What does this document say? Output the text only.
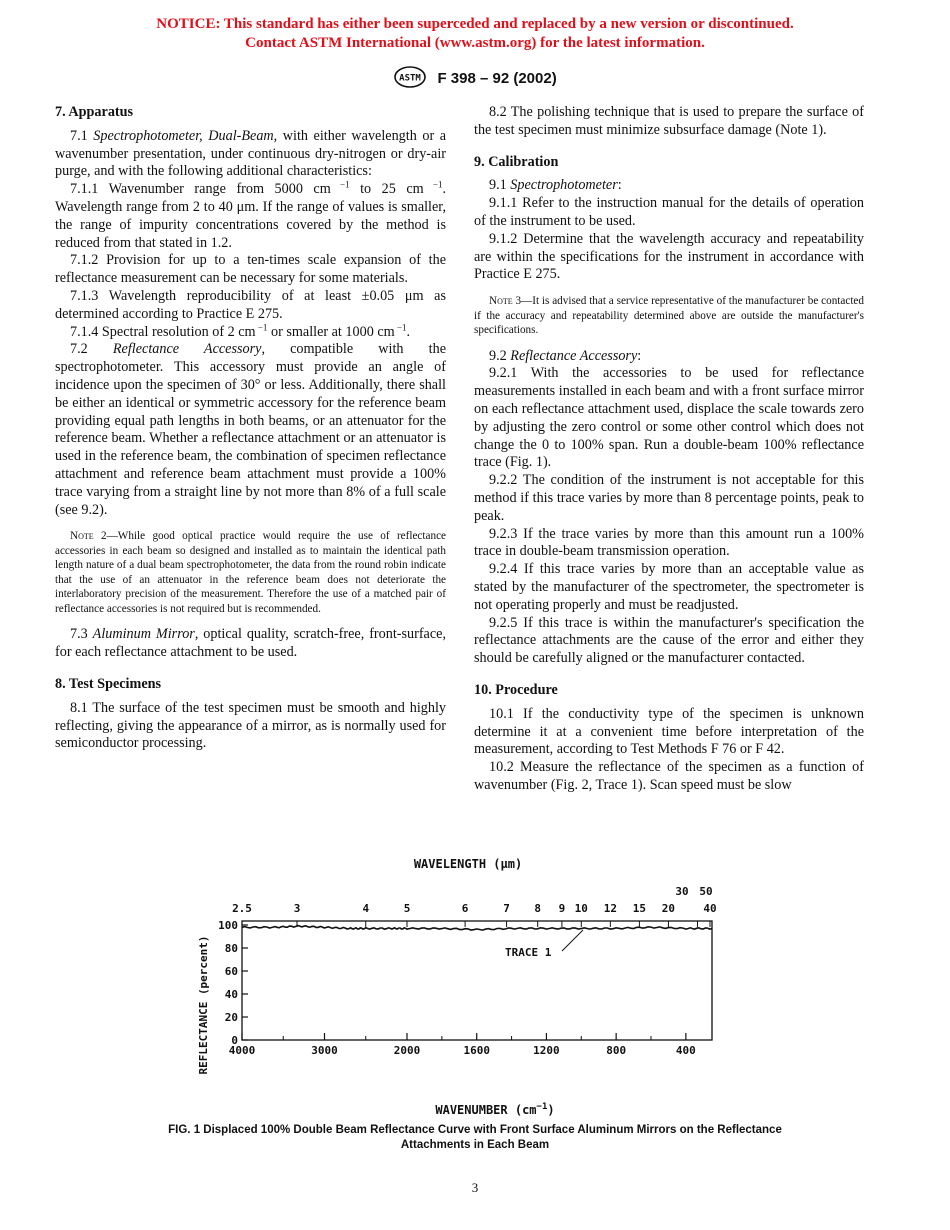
NOTICE: This standard has either been superceded and replaced by a new version or discontinued.
Contact ASTM International (www.astm.org) for the latest information.
ASTM F 398 – 92 (2002)
7. Apparatus

7.1 Spectrophotometer, Dual-Beam, with either wavelength or a wavenumber presentation, under continuous dry-nitrogen or dry-air purge, and with the following additional characteristics:

7.1.1 Wavenumber range from 5000 cm $^{-1}$ to 25 cm $^{-1}$. Wavelength range from 2 to 40 μm. If the range of values is smaller, the range of impurity concentrations covered by the method is reduced from that stated in 1.2.

7.1.2 Provision for up to a ten-times scale expansion of the reflectance measurement can be necessary for some materials.

7.1.3 Wavelength reproducibility of at least ±0.05 μm as determined according to Practice E 275.

7.1.4 Spectral resolution of 2 cm $^{-1}$ or smaller at 1000 cm $^{-1}$.

7.2 Reflectance Accessory, compatible with the spectrophotometer. This accessory must provide an angle of incidence upon the specimen of 30° or less. Additionally, there shall be either an identical or symmetric accessory for the reference beam providing equal path lengths in both beams, or an attenuator for the reference beam. Whether a reflectance attachment or an attenuator is used in the reference beam, the combination of specimen reflectance attachment and reference beam attachment must provide a 100% trace varying from a straight line by not more than 8% of a full scale (see 9.2).

Note 2—While good optical practice would require the use of reflectance accessories in each beam so designed and installed as to maintain the identical path length nature of a dual beam spectrophotometer, the data from the round robin indicate that the use of an attenuator in the reference beam does not deteriorate the interlaboratory precision of the measurement. Therefore the use of a matched pair of reflectance accessories is not required but is recommended.

7.3 Aluminum Mirror, optical quality, scratch-free, front-surface, for each reflectance attachment to be used.

8. Test Specimens

8.1 The surface of the test specimen must be smooth and highly reflecting, giving the appearance of a mirror, as is normally used for semiconductor processing.

8.2 The polishing technique that is used to prepare the surface of the test specimen must minimize subsurface damage (Note 1).

9. Calibration

9.1 Spectrophotometer:

9.1.1 Refer to the instruction manual for the details of operation of the instrument to be used.

9.1.2 Determine that the wavelength accuracy and repeatability are within the specifications for the instrument in accordance with Practice E 275.

Note 3—It is advised that a service representative of the manufacturer be contacted if the accuracy and repeatability determined above are outside the manufacturer's specifications.

9.2 Reflectance Accessory:

9.2.1 With the accessories to be used for reflectance measurements installed in each beam and with a front surface mirror on each reflectance attachment used, displace the scale towards zero by adjusting the zero control or some other control which does not change the 0 to 100% span. Run a double-beam 100% reflectance trace (Fig. 1).

9.2.2 The condition of the instrument is not acceptable for this method if this trace varies by more than 8 percentage points, peak to peak.

9.2.3 If the trace varies by more than this amount run a 100% trace in double-beam transmission operation.

9.2.4 If this trace varies by more than an acceptable value as stated by the manufacturer of the spectrometer, the spectrometer is not operating properly and must be readjusted.

9.2.5 If this trace is within the manufacturer's specification the reflectance attachments are the cause of the error and either they should be carefully aligned or the manufacturer contacted.

10. Procedure

10.1 If the conductivity type of the specimen is unknown determine it at a convenient time before interpretation of the measurement, according to Test Methods F 76 or F 42.

10.2 Measure the reflectance of the specimen as a function of wavenumber (Fig. 2, Trace 1). Scan speed must be slow

WAVELENGTH (μm)
2.5	3	4	5	6	7 8 9 10 12 15 20
30
40
50
0
20
40
60
80
100
4000	3000	2000	1600	1200	800	400
TRACE 1
REFLECTANCE (percent)
WAVENUMBER $(cm^{-1})$
FIG. 1 Displaced 100% Double Beam Reflectance Curve with Front Surface Aluminum Mirrors on the Reflectance
Attachments in Each Beam
3
